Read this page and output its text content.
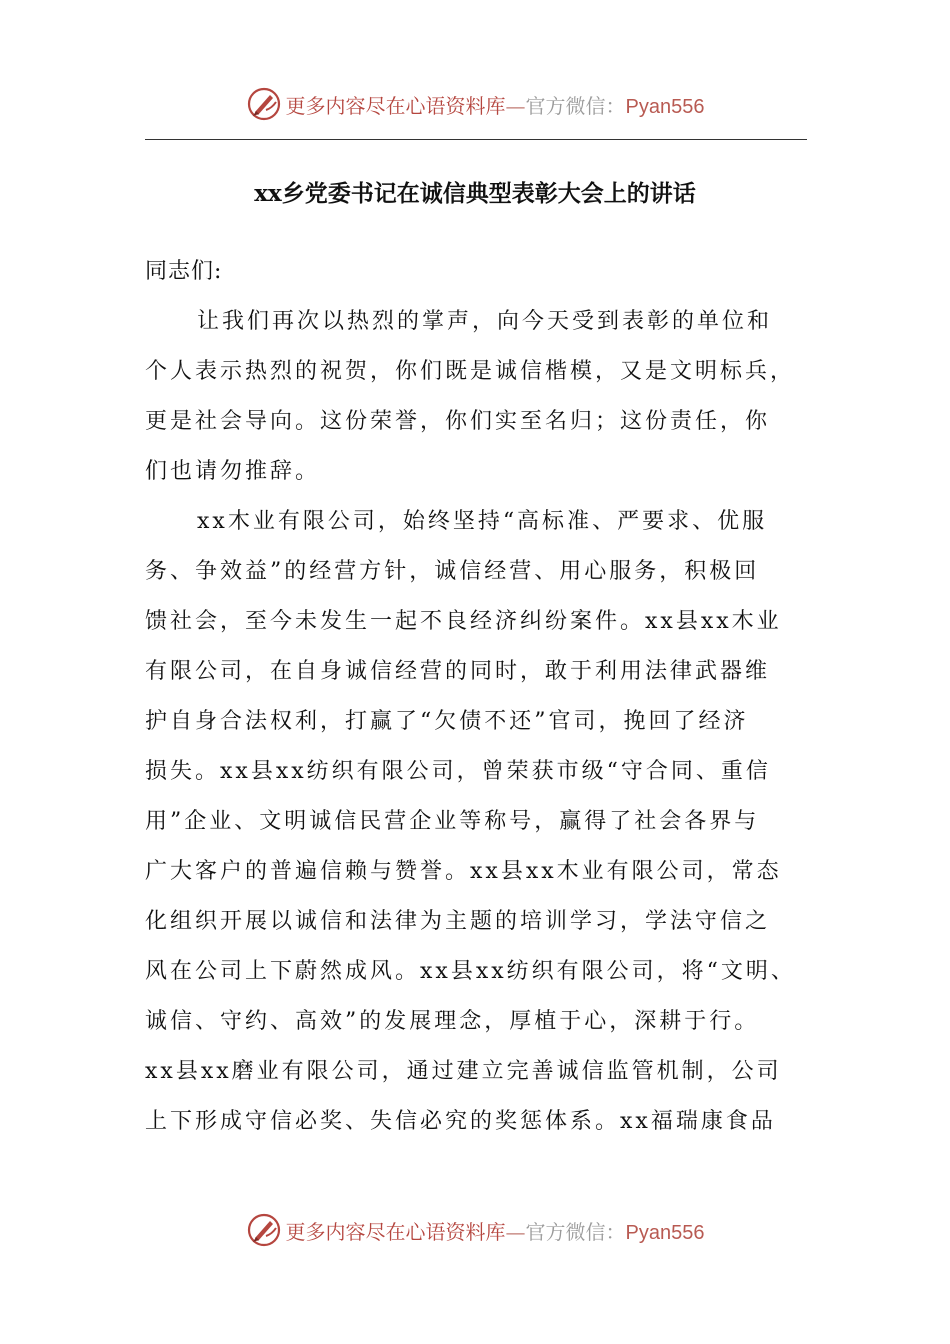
更多内容尽在心语资料库—官方微信：Pyan556
xx乡党委书记在诚信典型表彰大会上的讲话
同志们:
让我们再次以热烈的掌声，向今天受到表彰的单位和
个人表示热烈的祝贺，你们既是诚信楷模，又是文明标兵，
更是社会导向。这份荣誉，你们实至名归；这份责任，你
们也请勿推辞。
xx木业有限公司，始终坚持“高标准、严要求、优服
务、争效益”的经营方针，诚信经营、用心服务，积极回
馈社会，至今未发生一起不良经济纠纷案件。xx县xx木业
有限公司，在自身诚信经营的同时，敢于利用法律武器维
护自身合法权利，打赢了“欠债不还”官司，挽回了经济
损失。xx县xx纺织有限公司，曾荣获市级“守合同、重信
用”企业、文明诚信民营企业等称号，赢得了社会各界与
广大客户的普遍信赖与赞誉。xx县xx木业有限公司，常态
化组织开展以诚信和法律为主题的培训学习，学法守信之
风在公司上下蔚然成风。xx县xx纺织有限公司，将“文明、
诚信、守约、高效”的发展理念，厚植于心，深耕于行。
xx县xx磨业有限公司，通过建立完善诚信监管机制，公司
上下形成守信必奖、失信必究的奖惩体系。xx福瑞康食品
更多内容尽在心语资料库—官方微信：Pyan556
